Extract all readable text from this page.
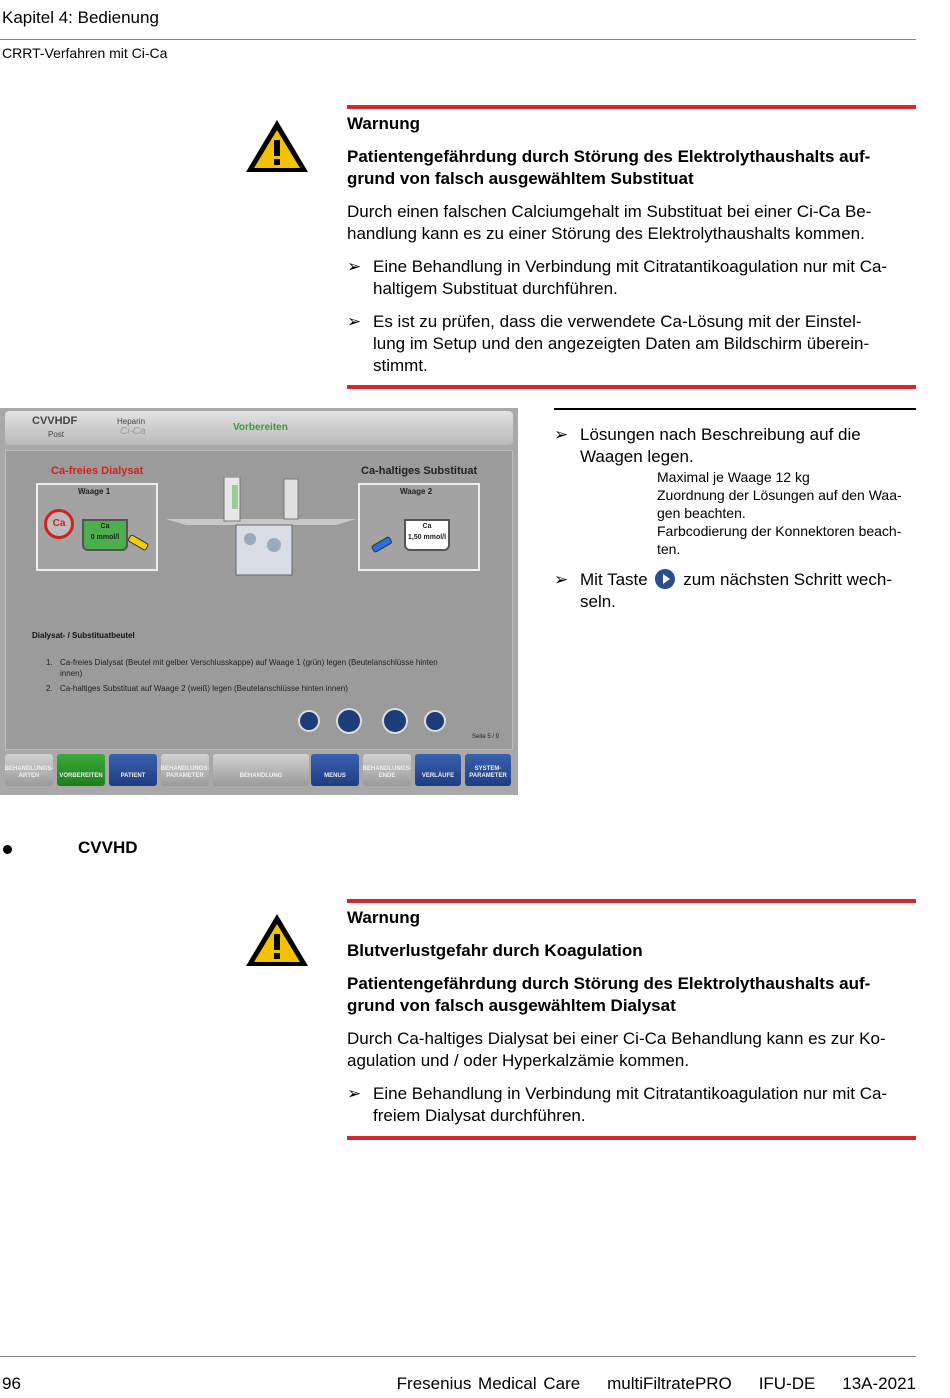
Kapitel 4: Bedienung
CRRT-Verfahren mit Ci-Ca
Warnung
Patientengefährdung durch Störung des Elektrolythaushalts auf-
grund von falsch ausgewähltem Substituat
Durch einen falschen Calciumgehalt im Substituat bei einer Ci-Ca Be-
handlung kann es zu einer Störung des Elektrolythaushalts kommen.
➢ Eine Behandlung in Verbindung mit Citratantikoagulation nur mit Ca-
haltigem Substituat durchführen.
➢ Es ist zu prüfen, dass die verwendete Ca-Lösung mit der Einstel-
lung im Setup und den angezeigten Daten am Bildschirm überein-
stimmt.
CVVHDF
Post
Heparin
Ci-Ca	Vorbereiten
Ca-freies Dialysat	Ca-haltiges Substituat
Waage 1
Ca	Ca
0 mmol/l
Waage 2
Ca
1,50 mmol/l
Dialysat- / Substituatbeutel
1. Ca-freies Dialysat (Beutel mit gelber Verschlusskappe) auf Waage 1 (grün) legen (Beutelanschlüsse hinten innen)
2. Ca-haltiges Substituat auf Waage 2 (weiß) legen (Beutelanschlüsse hinten innen)
Seite 5 / 9
BEHANDLUNGS-ARTEN	VORBEREITEN	PATIENT
BEHANDLUNGS-PARAMETER	BEHANDLUNG	MENUS
BEHANDLUNGS-ENDE	VERLÄUFE
SYSTEM-PARAMETER
➢ Lösungen nach Beschreibung auf die
Waagen legen.
Maximal je Waage 12 kg
Zuordnung der Lösungen auf den Waa-
gen beachten.
Farbcodierung der Konnektoren beach-
ten.
➢ Mit Taste zum nächsten Schritt wech-
seln.
CVVHD
Warnung
Blutverlustgefahr durch Koagulation
Patientengefährdung durch Störung des Elektrolythaushalts auf-
grund von falsch ausgewähltem Dialysat
Durch Ca-haltiges Dialysat bei einer Ci-Ca Behandlung kann es zur Ko-
agulation und / oder Hyperkalzämie kommen.
➢ Eine Behandlung in Verbindung mit Citratantikoagulation nur mit Ca-
freiem Dialysat durchführen.
96	Fresenius Medical Care multiFiltratePRO IFU-DE 13A-2021
